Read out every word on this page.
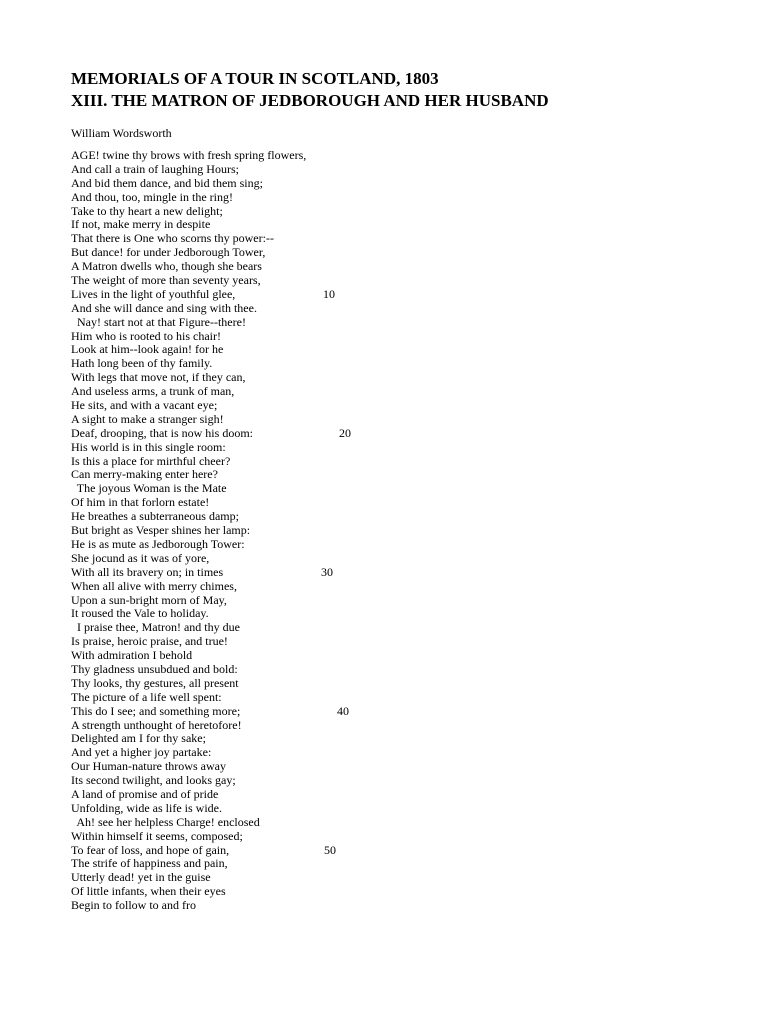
MEMORIALS OF A TOUR IN SCOTLAND, 1803
XIII. THE MATRON OF JEDBOROUGH AND HER HUSBAND
William Wordsworth
AGE! twine thy brows with fresh spring flowers,
And call a train of laughing Hours;
And bid them dance, and bid them sing;
And thou, too, mingle in the ring!
Take to thy heart a new delight;
If not, make merry in despite
That there is One who scorns thy power:--
But dance! for under Jedborough Tower,
A Matron dwells who, though she bears
The weight of more than seventy years,
Lives in the light of youthful glee,	10
And she will dance and sing with thee.
Nay! start not at that Figure--there!
Him who is rooted to his chair!
Look at him--look again! for he
Hath long been of thy family.
With legs that move not, if they can,
And useless arms, a trunk of man,
He sits, and with a vacant eye;
A sight to make a stranger sigh!
Deaf, drooping, that is now his doom:	20
His world is in this single room:
Is this a place for mirthful cheer?
Can merry-making enter here?
The joyous Woman is the Mate
Of him in that forlorn estate!
He breathes a subterraneous damp;
But bright as Vesper shines her lamp:
He is as mute as Jedborough Tower:
She jocund as it was of yore,
With all its bravery on; in times	30
When all alive with merry chimes,
Upon a sun-bright morn of May,
It roused the Vale to holiday.
I praise thee, Matron! and thy due
Is praise, heroic praise, and true!
With admiration I behold
Thy gladness unsubdued and bold:
Thy looks, thy gestures, all present
The picture of a life well spent:
This do I see; and something more;	40
A strength unthought of heretofore!
Delighted am I for thy sake;
And yet a higher joy partake:
Our Human-nature throws away
Its second twilight, and looks gay;
A land of promise and of pride
Unfolding, wide as life is wide.
Ah! see her helpless Charge! enclosed
Within himself it seems, composed;
To fear of loss, and hope of gain,	50
The strife of happiness and pain,
Utterly dead! yet in the guise
Of little infants, when their eyes
Begin to follow to and fro
